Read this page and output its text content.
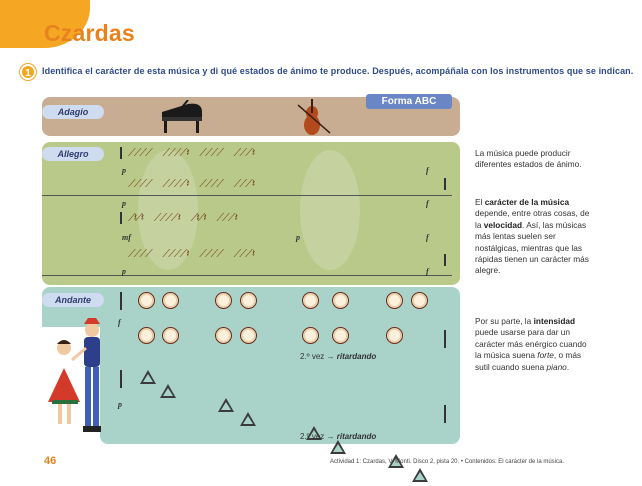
Czardas
1	Identifica el carácter de esta música y di qué estados de ánimo te produce. Después, acompáñala con los instrumentos que se indican.

Adagio
Forma ABC
Allegro	⟋⟋⟋⟋           ⟋⟋⟋⟋ 𝄽           ⟋⟋⟋⟋           ⟋⟋⟋ 𝄽
⟋⟋⟋⟋           ⟋⟋⟋⟋ 𝄽           ⟋⟋⟋⟋           ⟋⟋⟋ 𝄽
⟋𝄽⟋𝄽           ⟋⟋⟋⟋ 𝄽           ⟋𝄽⟋𝄽           ⟋⟋⟋ 𝄽
⟋⟋⟋⟋           ⟋⟋⟋⟋ 𝄽           ⟋⟋⟋⟋           ⟋⟋⟋ 𝄽
p
p
mf
p
p
f
f
f
f
Andante
f
p
2.º vez → ritardando
2.º vez → ritardando

La música puede producir diferentes estados de ánimo.

El carácter de la música depende, entre otras cosas, de la velocidad. Así, las músicas más lentas suelen ser nostálgicas, mientras que las rápidas tienen un carácter más alegre.

Por su parte, la intensidad puede usarse para dar un carácter más enérgico cuando la música suena forte, o más sutil cuando suena piano.

46	Actividad 1: Czardas, V. Monti. Disco 2, pista 20. • Contenidos: El carácter de la música.
